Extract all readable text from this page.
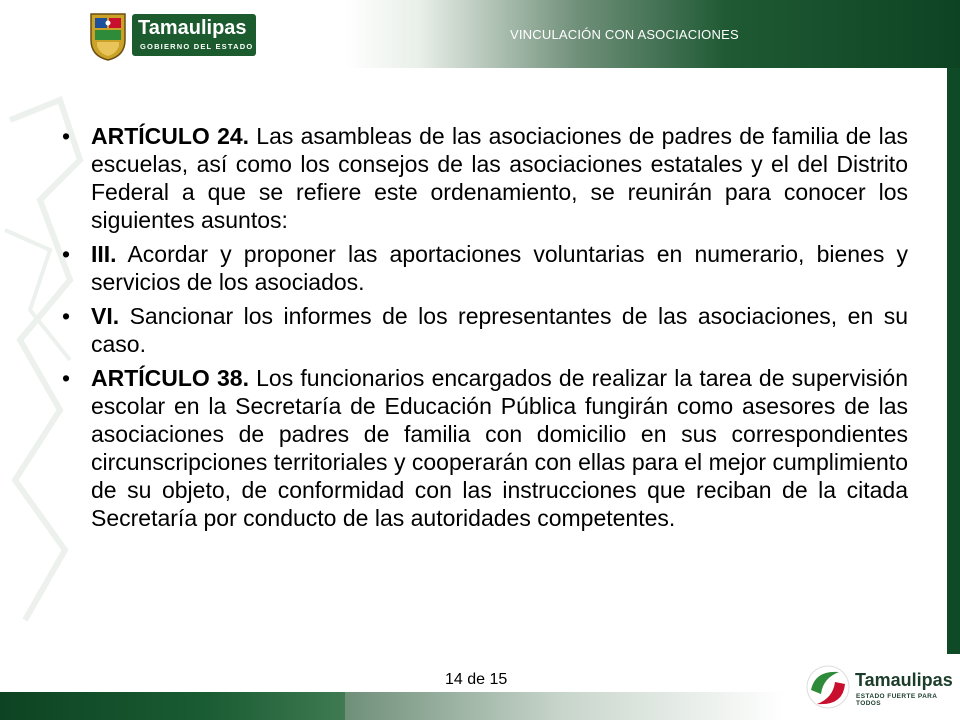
VINCULACIÓN CON ASOCIACIONES
Tamaulipas
GOBIERNO DEL ESTADO
• ARTÍCULO 24. Las asambleas de las asociaciones de padres de familia de las escuelas, así como los consejos de las asociaciones estatales y el del Distrito Federal a que se refiere este ordenamiento, se reunirán para conocer los siguientes asuntos:
• III. Acordar y proponer las aportaciones voluntarias en numerario, bienes y servicios de los asociados.
• VI. Sancionar los informes de los representantes de las asociaciones, en su caso.
• ARTÍCULO 38. Los funcionarios encargados de realizar la tarea de supervisión escolar en la Secretaría de Educación Pública fungirán como asesores de las asociaciones de padres de familia con domicilio en sus correspondientes circunscripciones territoriales y cooperarán con ellas para el mejor cumplimiento de su objeto, de conformidad con las instrucciones que reciban de la citada Secretaría por conducto de las autoridades competentes.
14 de 15	Tamaulipas
ESTADO FUERTE PARA TODOS
